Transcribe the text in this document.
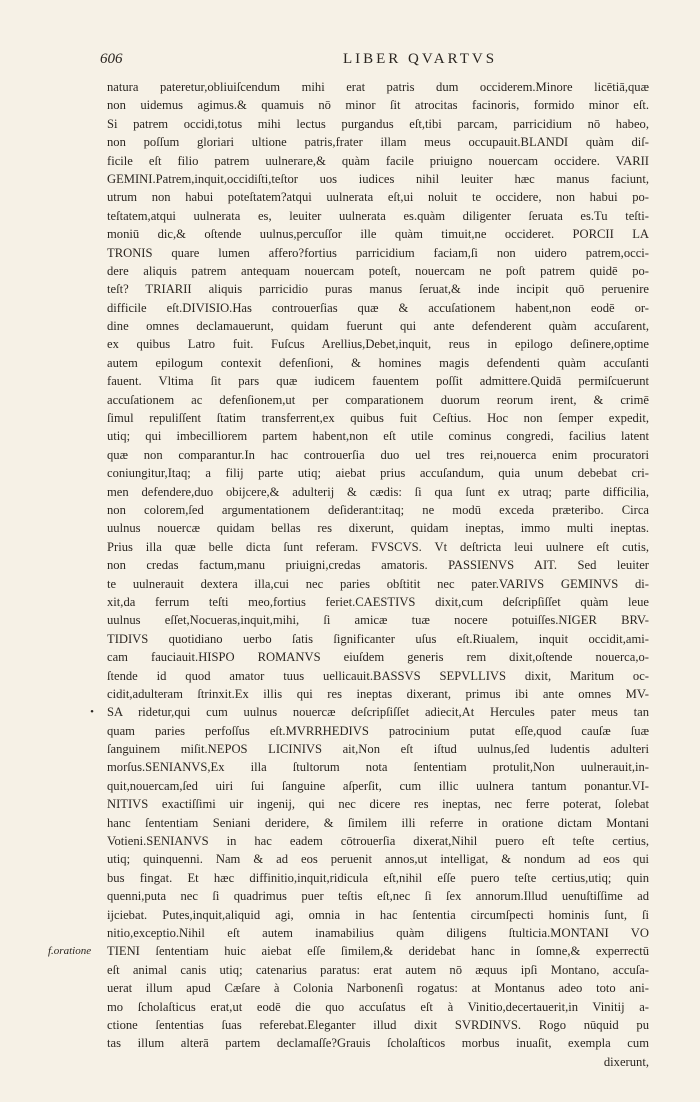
606	LIBER QVARTVS
natura pateretur,obliuiſcendum mihi erat patris dum occiderem.Minore licētiā,quæ
non uidemus agimus.& quamuis nō minor ſit atrocitas facinoris, formido minor eſt.
Si patrem occidi,totus mihi lectus purgandus eſt,tibi parcam, parricidium nō habeo,
non poſſum gloriari ultione patris,frater illam meus occupauit.BLANDI quàm diſ-
ficile eſt filio patrem uulnerare,& quàm facile priuigno nouercam occidere. VARII
GEMINI.Patrem,inquit,occidiſti,teſtor uos iudices nihil leuiter hæc manus faciunt,
utrum non habui poteſtatem?atqui uulnerata eſt,ui noluit te occidere, non habui po-
teſtatem,atqui uulnerata es, leuiter uulnerata es.quàm diligenter ſeruata es.Tu teſti-
moniū dic,& oſtende uulnus,percuſſor ille quàm timuit,ne occideret. PORCII LA
TRONIS quare lumen affero?fortius parricidium faciam,ſi non uidero patrem,occi-
dere aliquis patrem antequam nouercam poteſt, nouercam ne poſt patrem quidē po-
teſt? TRIARII aliquis parricidio puras manus ſeruat,& inde incipit quō peruenire
difficile eſt.DIVISIO.Has controuerſias quæ & accuſationem habent,non eodē or-
dine omnes declamauerunt, quidam fuerunt qui ante defenderent quàm accuſarent,
ex quibus Latro fuit. Fuſcus Arellius,Debet,inquit, reus in epilogo deſinere,optime
autem epilogum contexit defenſioni, & homines magis defendenti quàm accuſanti
fauent. Vltima ſit pars quæ iudicem fauentem poſſit admittere.Quidā permiſcuerunt
accuſationem ac defenſionem,ut per comparationem duorum reorum irent, & crimē
ſimul repuliſſent ſtatim transferrent,ex quibus fuit Ceſtius. Hoc non ſemper expedit,
utiq; qui imbecilliorem partem habent,non eſt utile cominus congredi, facilius latent
quæ non comparantur.In hac controuerſia duo uel tres rei,nouerca enim procuratori
coniungitur,Itaq; a filij parte utiq; aiebat prius accuſandum, quia unum debebat cri-
men defendere,duo obijcere,& adulterij & cædis: ſi qua ſunt ex utraq; parte difficilia,
non colorem,ſed argumentationem deſiderant:itaq; ne modū exceda præteribo. Circa
uulnus nouercæ quidam bellas res dixerunt, quidam ineptas, immo multi ineptas.
Prius illa quæ belle dicta ſunt referam. FVSCVS. Vt deſtricta leui uulnere eſt cutis,
non credas factum,manu priuigni,credas amatoris. PASSIENVS AIT. Sed leuiter
te uulnerauit dextera illa,cui nec paries obſtitit nec pater.VARIVS GEMINVS di-
xit,da ferrum teſti meo,fortius feriet.CAESTIVS dixit,cum deſcripſiſſet quàm leue
uulnus eſſet,Nocueras,inquit,mihi, ſi amicæ tuæ nocere potuiſſes.NIGER BRV-
TIDIVS quotidiano uerbo ſatis ſignificanter uſus eſt.Riualem, inquit occidit,ami-
cam fauciauit.HISPO ROMANVS eiuſdem generis rem dixit,oſtende nouerca,o-
ſtende id quod amator tuus uellicauit.BASSVS SEPVLLIVS dixit, Maritum oc-
cidit,adulteram ſtrinxit.Ex illis qui res ineptas dixerant, primus ibi ante omnes MV-
SA ridetur,qui cum uulnus nouercæ deſcripſiſſet adiecit,At Hercules pater meus tan
quam paries perfoſſus eſt.MVRRHEDIVS patrocinium putat eſſe,quod cauſæ ſuæ
ſanguinem miſit.NEPOS LICINIVS ait,Non eſt iſtud uulnus,ſed ludentis adulteri
morſus.SENIANVS,Ex illa ſtultorum nota ſententiam protulit,Non uulnerauit,in-
quit,nouercam,ſed uiri ſui ſanguine aſperſit, cum illic uulnera tantum ponantur.VI-
NITIVS exactiſſimi uir ingenij, qui nec dicere res ineptas, nec ferre poterat, ſolebat
hanc ſententiam Seniani deridere, & ſimilem illi referre in oratione dictam Montani
Votieni.SENIANVS in hac eadem cōtrouerſia dixerat,Nihil puero eſt teſte certius,
utiq; quinquenni. Nam & ad eos peruenit annos,ut intelligat, & nondum ad eos qui
bus fingat. Et hæc diffinitio,inquit,ridicula eſt,nihil eſſe puero teſte certius,utiq; quin
quenni,puta nec ſi quadrimus puer teſtis eſt,nec ſi ſex annorum.Illud uenuſtiſſime ad
ijciebat. Putes,inquit,aliquid agi, omnia in hac ſententia circumſpecti hominis ſunt, ſi
nitio,exceptio.Nihil eſt autem inamabilius quàm diligens ſtulticia.MONTANI VO
TIENI ſententiam huic aiebat eſſe ſimilem,& deridebat hanc in ſomne,& experrectū
eſt animal canis utiq; catenarius paratus: erat autem nō æquus ipſi Montano, accuſa-
uerat illum apud Cæſare à Colonia Narbonenſi rogatus: at Montanus adeo toto ani-
mo ſcholaſticus erat,ut eodē die quo accuſatus eſt à Vinitio,decertauerit,in Vinitij a-
ctione ſententias ſuas referebat.Eleganter illud dixit SVRDINVS. Rogo nūquid pu
tas illum alterā partem declamaſſe?Grauis ſcholaſticos morbus inuaſit, exempla cum
dixerunt,
•
f.oratione
